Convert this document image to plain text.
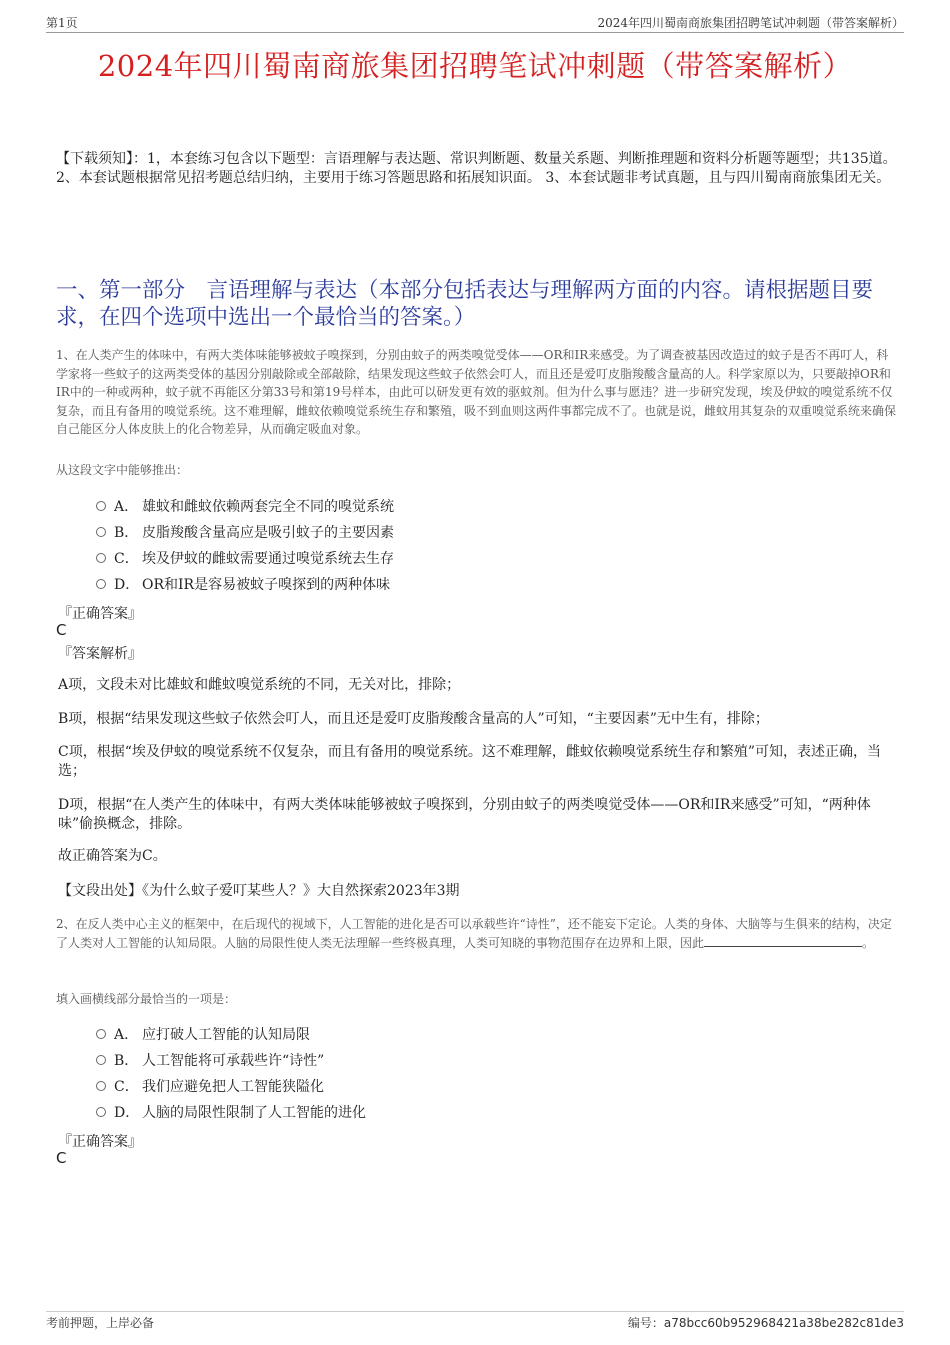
第1页	2024年四川蜀南商旅集团招聘笔试冲刺题（带答案解析）
2024年四川蜀南商旅集团招聘笔试冲刺题（带答案解析）
【下载须知】：1，本套练习包含以下题型：言语理解与表达题、常识判断题、数量关系题、判断推理题和资料分析题等题型；共135道。 2、本套试题根据常见招考题总结归纳，主要用于练习答题思路和拓展知识面。 3、本套试题非考试真题，且与四川蜀南商旅集团无关。
一、第一部分　言语理解与表达（本部分包括表达与理解两方面的内容。请根据题目要求，在四个选项中选出一个最恰当的答案。）
1、在人类产生的体味中，有两大类体味能够被蚊子嗅探到，分别由蚊子的两类嗅觉受体——OR和IR来感受。为了调查被基因改造过的蚊子是否不再叮人，科学家将一些蚊子的这两类受体的基因分别敲除或全部敲除，结果发现这些蚊子依然会叮人，而且还是爱叮皮脂羧酸含量高的人。科学家原以为，只要敲掉OR和IR中的一种或两种，蚊子就不再能区分第33号和第19号样本，由此可以研发更有效的驱蚊剂。但为什么事与愿违？进一步研究发现，埃及伊蚊的嗅觉系统不仅复杂，而且有备用的嗅觉系统。这不难理解，雌蚊依赖嗅觉系统生存和繁殖，吸不到血则这两件事都完成不了。也就是说，雌蚊用其复杂的双重嗅觉系统来确保自己能区分人体皮肤上的化合物差异，从而确定吸血对象。
从这段文字中能够推出：
A． 雄蚊和雌蚊依赖两套完全不同的嗅觉系统
B． 皮脂羧酸含量高应是吸引蚊子的主要因素
C． 埃及伊蚊的雌蚊需要通过嗅觉系统去生存
D． OR和IR是容易被蚊子嗅探到的两种体味
『正确答案』
C
『答案解析』
A项，文段未对比雄蚊和雌蚊嗅觉系统的不同，无关对比，排除；
B项，根据“结果发现这些蚊子依然会叮人，而且还是爱叮皮脂羧酸含量高的人”可知，“主要因素”无中生有，排除；
C项，根据“埃及伊蚊的嗅觉系统不仅复杂，而且有备用的嗅觉系统。这不难理解，雌蚊依赖嗅觉系统生存和繁殖”可知，表述正确，当选；
D项，根据“在人类产生的体味中，有两大类体味能够被蚊子嗅探到，分别由蚊子的两类嗅觉受体——OR和IR来感受”可知，“两种体味”偷换概念，排除。
故正确答案为C。
【文段出处】《为什么蚊子爱叮某些人？》大自然探索2023年3期
2、在反人类中心主义的框架中，在后现代的视域下，人工智能的进化是否可以承载些许“诗性”，还不能妄下定论。人类的身体、大脑等与生俱来的结构，决定了人类对人工智能的认知局限。人脑的局限性使人类无法理解一些终极真理，人类可知晓的事物范围存在边界和上限，因此	。
填入画横线部分最恰当的一项是：
A． 应打破人工智能的认知局限
B． 人工智能将可承载些许“诗性”
C． 我们应避免把人工智能狭隘化
D． 人脑的局限性限制了人工智能的进化
『正确答案』
C
考前押题，上岸必备	编号：a78bcc60b952968421a38be282c81de3
